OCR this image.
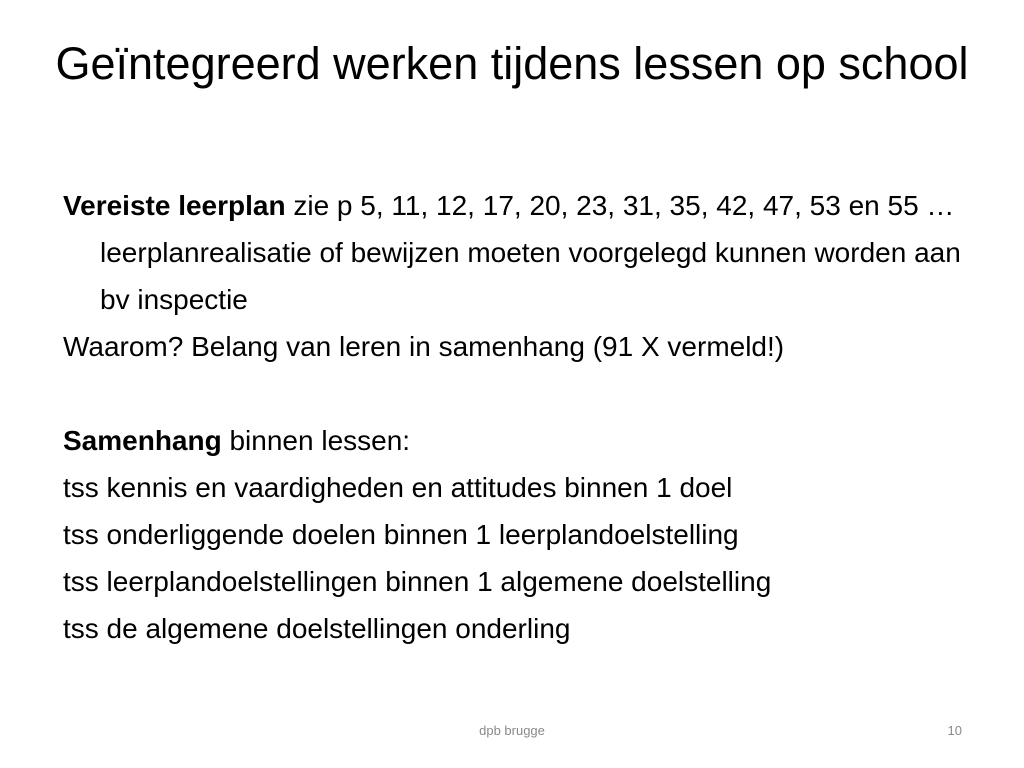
Geïntegreerd werken tijdens lessen op school

Vereiste leerplan zie p 5, 11, 12, 17, 20, 23, 31, 35, 42, 47, 53 en 55 … leerplanrealisatie of bewijzen moeten voorgelegd kunnen worden aan bv inspectie

Waarom? Belang van leren in samenhang (91 X vermeld!)

Samenhang binnen lessen:

tss kennis en vaardigheden en attitudes binnen 1 doel

tss onderliggende doelen binnen 1 leerplandoelstelling

tss leerplandoelstellingen binnen 1 algemene doelstelling

tss de algemene doelstellingen onderling

dpb brugge	10
